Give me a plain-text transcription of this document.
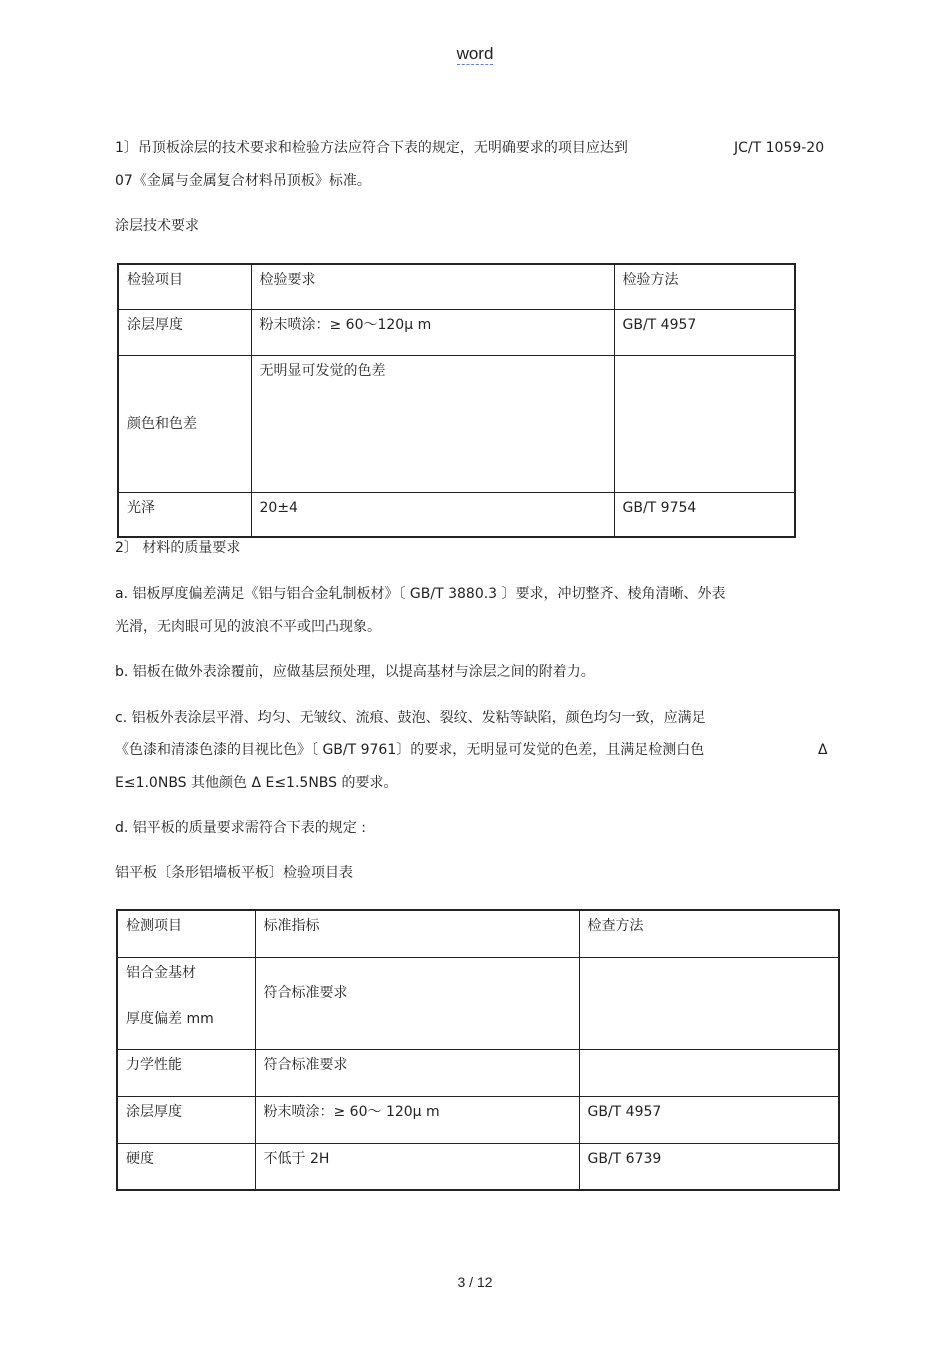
word
1〕吊顶板涂层的技术要求和检验方法应符合下表的规定，无明确要求的项目应达到	JC/T 1059-20
07《金属与金属复合材料吊顶板》标准。
涂层技术要求
检验项目	检验要求	检验方法
涂层厚度	粉末喷涂：≥ 60～120μ m	GB/T 4957
颜色和色差	无明显可发觉的色差	
光泽	20±4	GB/T 9754
2〕 材料的质量要求
a. 铝板厚度偏差满足《铝与铝合金轧制板材》〔 GB/T 3880.3 〕要求，冲切整齐、棱角清晰、外表
光滑，无肉眼可见的波浪不平或凹凸现象。
b. 铝板在做外表涂覆前，应做基层预处理，以提高基材与涂层之间的附着力。
c. 铝板外表涂层平滑、均匀、无皱纹、流痕、鼓泡、裂纹、发粘等缺陷，颜色均匀一致，应满足
《色漆和清漆色漆的目视比色》〔 GB/T 9761〕的要求，无明显可发觉的色差，且满足检测白色	Δ
E≤1.0NBS 其他颜色 Δ E≤1.5NBS 的要求。
d. 铝平板的质量要求需符合下表的规定 :
铝平板〔条形铝墙板平板〕检验项目表
检测项目	标准指标	检查方法

铝合金基材
厚度偏差 mm	符合标准要求	
力学性能	符合标准要求	
涂层厚度	粉末喷涂：≥ 60～ 120μ m	GB/T 4957
硬度	不低于 2H	GB/T 6739
3 / 12
